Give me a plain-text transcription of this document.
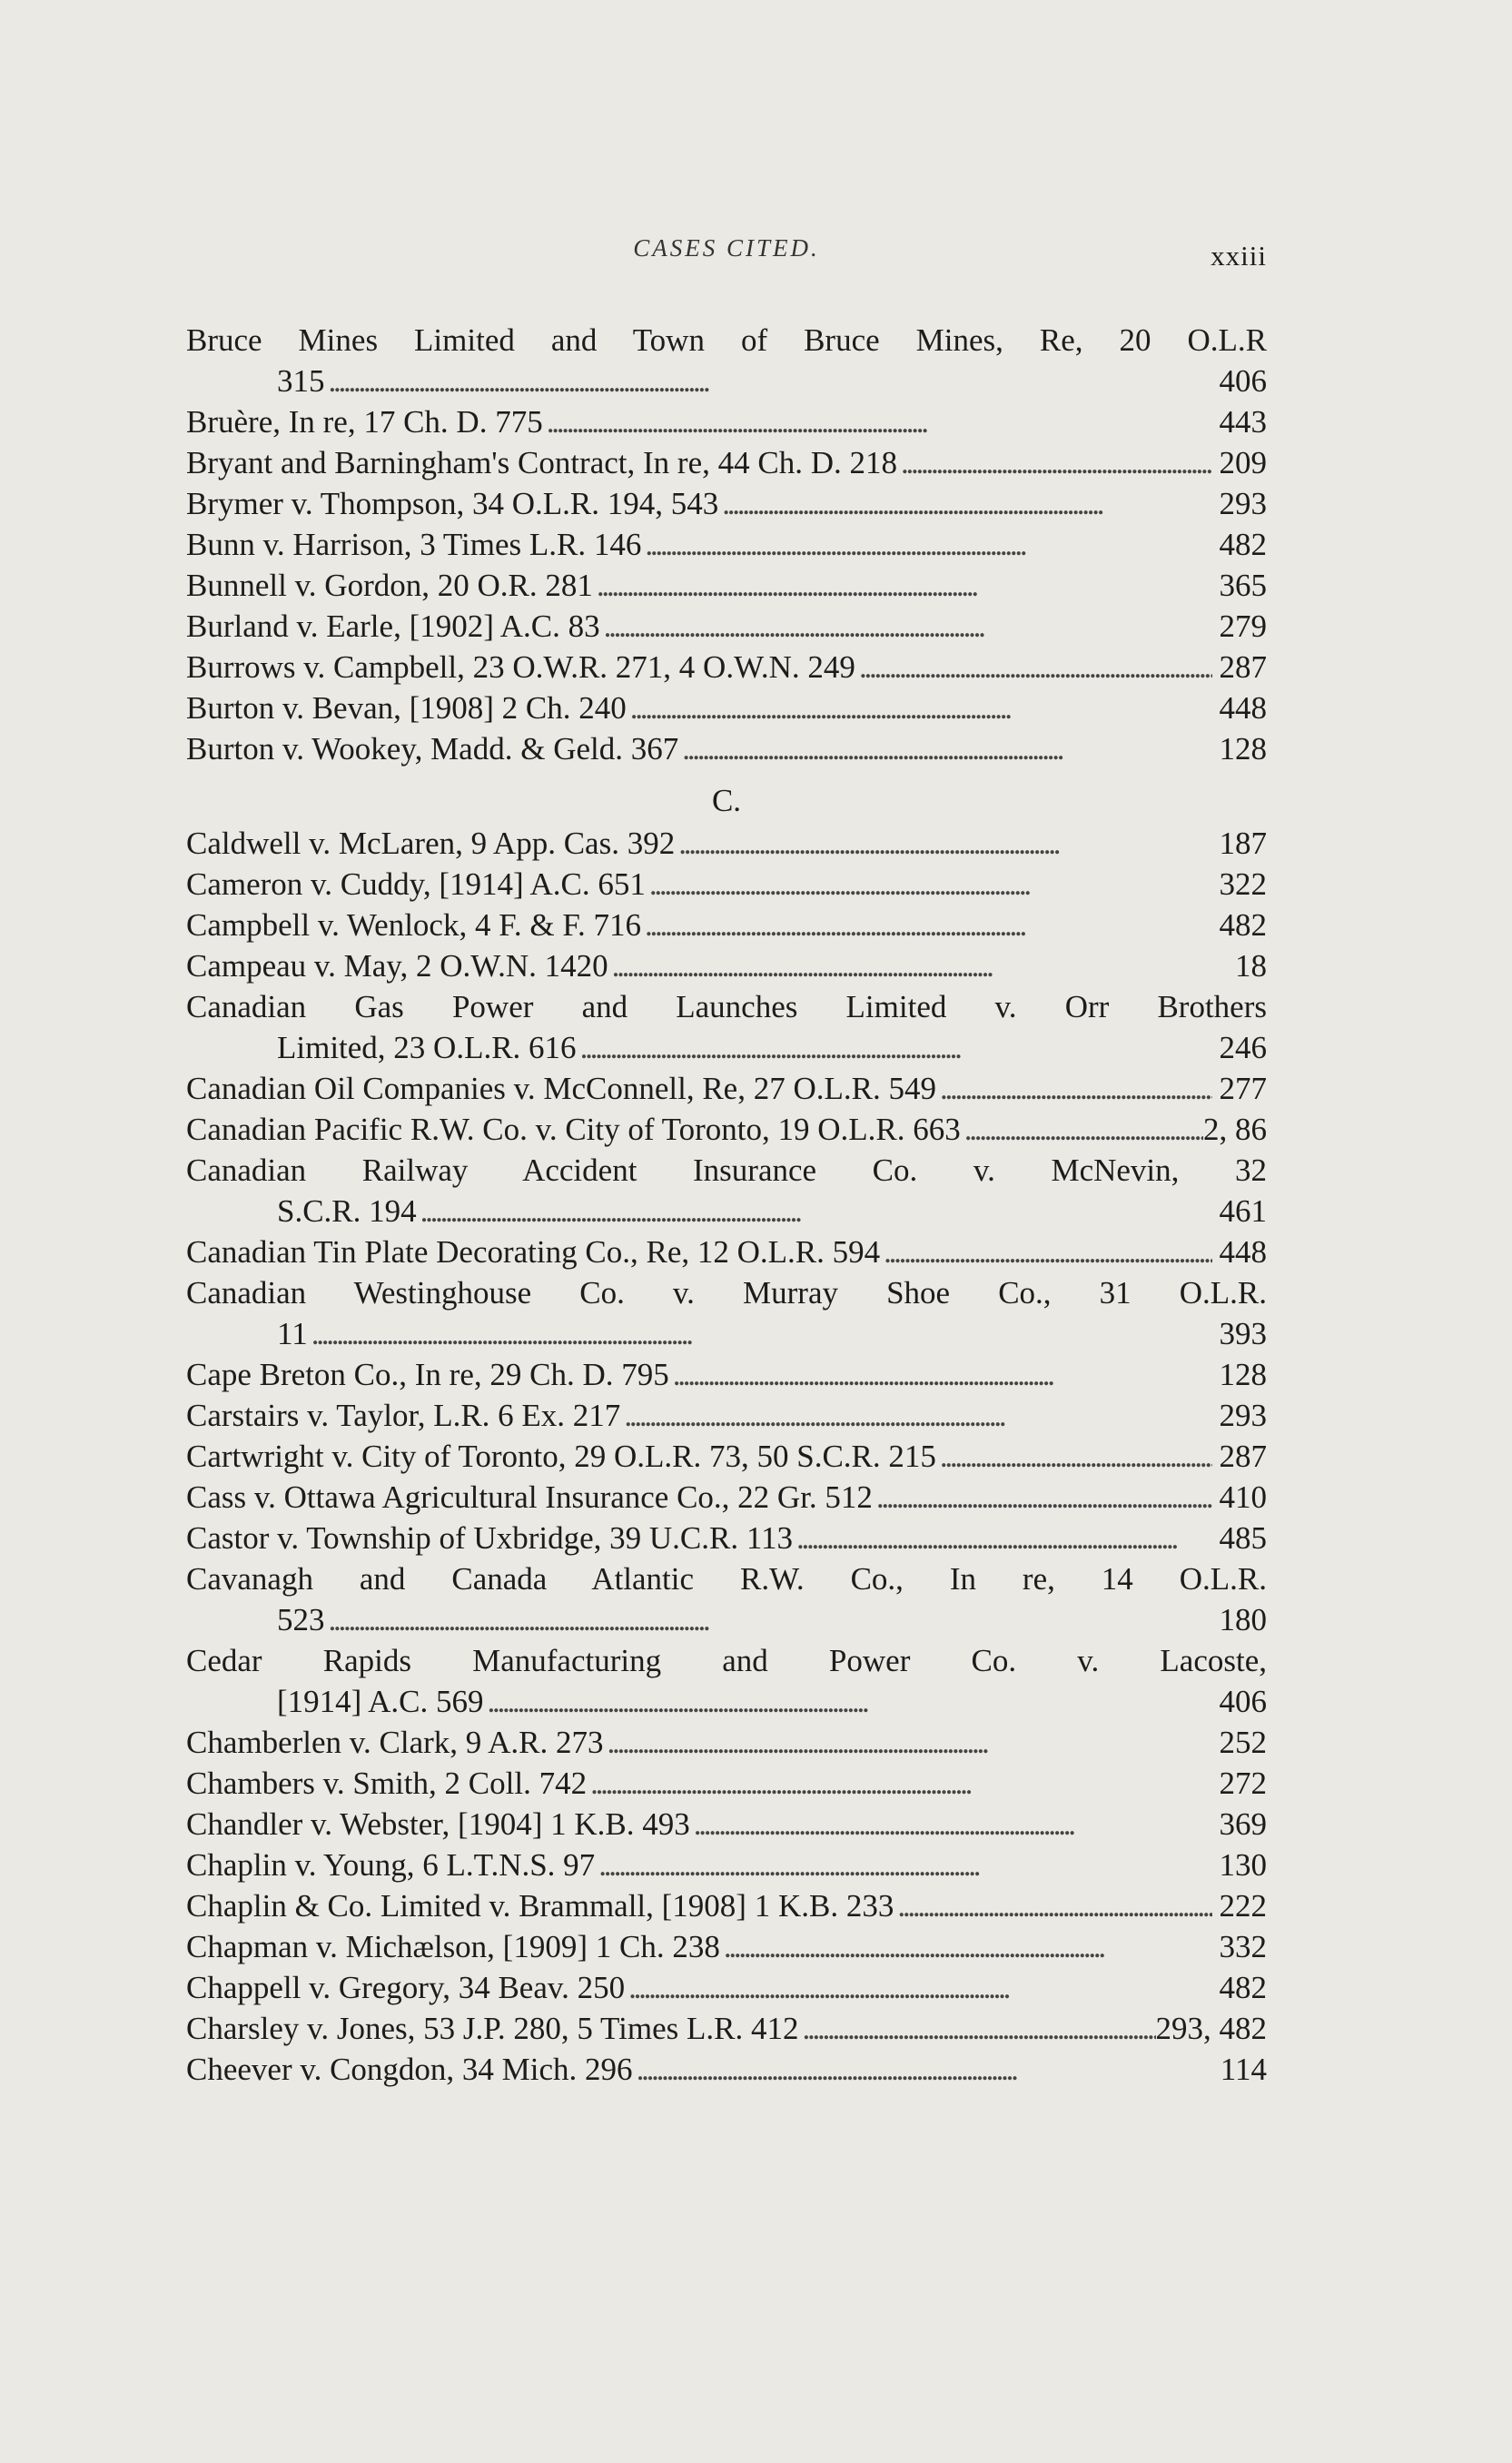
CASES CITED.	xxiii
Bruce Mines Limited and Town of Bruce Mines, Re, 20 O.L.R
315 . . .	406
Bruère, In re, 17 Ch. D. 775 . . .	443
Bryant and Barningham's Contract, In re, 44 Ch. D. 218 . . .	209
Brymer v. Thompson, 34 O.L.R. 194, 543 . . .	293
Bunn v. Harrison, 3 Times L.R. 146 . . .	482
Bunnell v. Gordon, 20 O.R. 281 . . .	365
Burland v. Earle, [1902] A.C. 83 . . .	279
Burrows v. Campbell, 23 O.W.R. 271, 4 O.W.N. 249 . . .	287
Burton v. Bevan, [1908] 2 Ch. 240 . . .	448
Burton v. Wookey, Madd. & Geld. 367 . . .	128
C.
Caldwell v. McLaren, 9 App. Cas. 392 . . .	187
Cameron v. Cuddy, [1914] A.C. 651 . . .	322
Campbell v. Wenlock, 4 F. & F. 716 . . .	482
Campeau v. May, 2 O.W.N. 1420 . . .	18
Canadian Gas Power and Launches Limited v. Orr Brothers
Limited, 23 O.L.R. 616 . . .	246
Canadian Oil Companies v. McConnell, Re, 27 O.L.R. 549 . . .	277
Canadian Pacific R.W. Co. v. City of Toronto, 19 O.L.R. 663 . . .	2, 86
Canadian Railway Accident Insurance Co. v. McNevin, 32
S.C.R. 194 . . .	461
Canadian Tin Plate Decorating Co., Re, 12 O.L.R. 594 . . .	448
Canadian Westinghouse Co. v. Murray Shoe Co., 31 O.L.R.
11 . . .	393
Cape Breton Co., In re, 29 Ch. D. 795 . . .	128
Carstairs v. Taylor, L.R. 6 Ex. 217 . . .	293
Cartwright v. City of Toronto, 29 O.L.R. 73, 50 S.C.R. 215 . . .	287
Cass v. Ottawa Agricultural Insurance Co., 22 Gr. 512 . . .	410
Castor v. Township of Uxbridge, 39 U.C.R. 113 . . .	485
Cavanagh and Canada Atlantic R.W. Co., In re, 14 O.L.R.
523 . . .	180
Cedar Rapids Manufacturing and Power Co. v. Lacoste,
[1914] A.C. 569 . . .	406
Chamberlen v. Clark, 9 A.R. 273 . . .	252
Chambers v. Smith, 2 Coll. 742 . . .	272
Chandler v. Webster, [1904] 1 K.B. 493 . . .	369
Chaplin v. Young, 6 L.T.N.S. 97 . . .	130
Chaplin & Co. Limited v. Brammall, [1908] 1 K.B. 233 . . .	222
Chapman v. Michælson, [1909] 1 Ch. 238 . . .	332
Chappell v. Gregory, 34 Beav. 250 . . .	482
Charsley v. Jones, 53 J.P. 280, 5 Times L.R. 412 . . .	293, 482
Cheever v. Congdon, 34 Mich. 296 . . .	114
